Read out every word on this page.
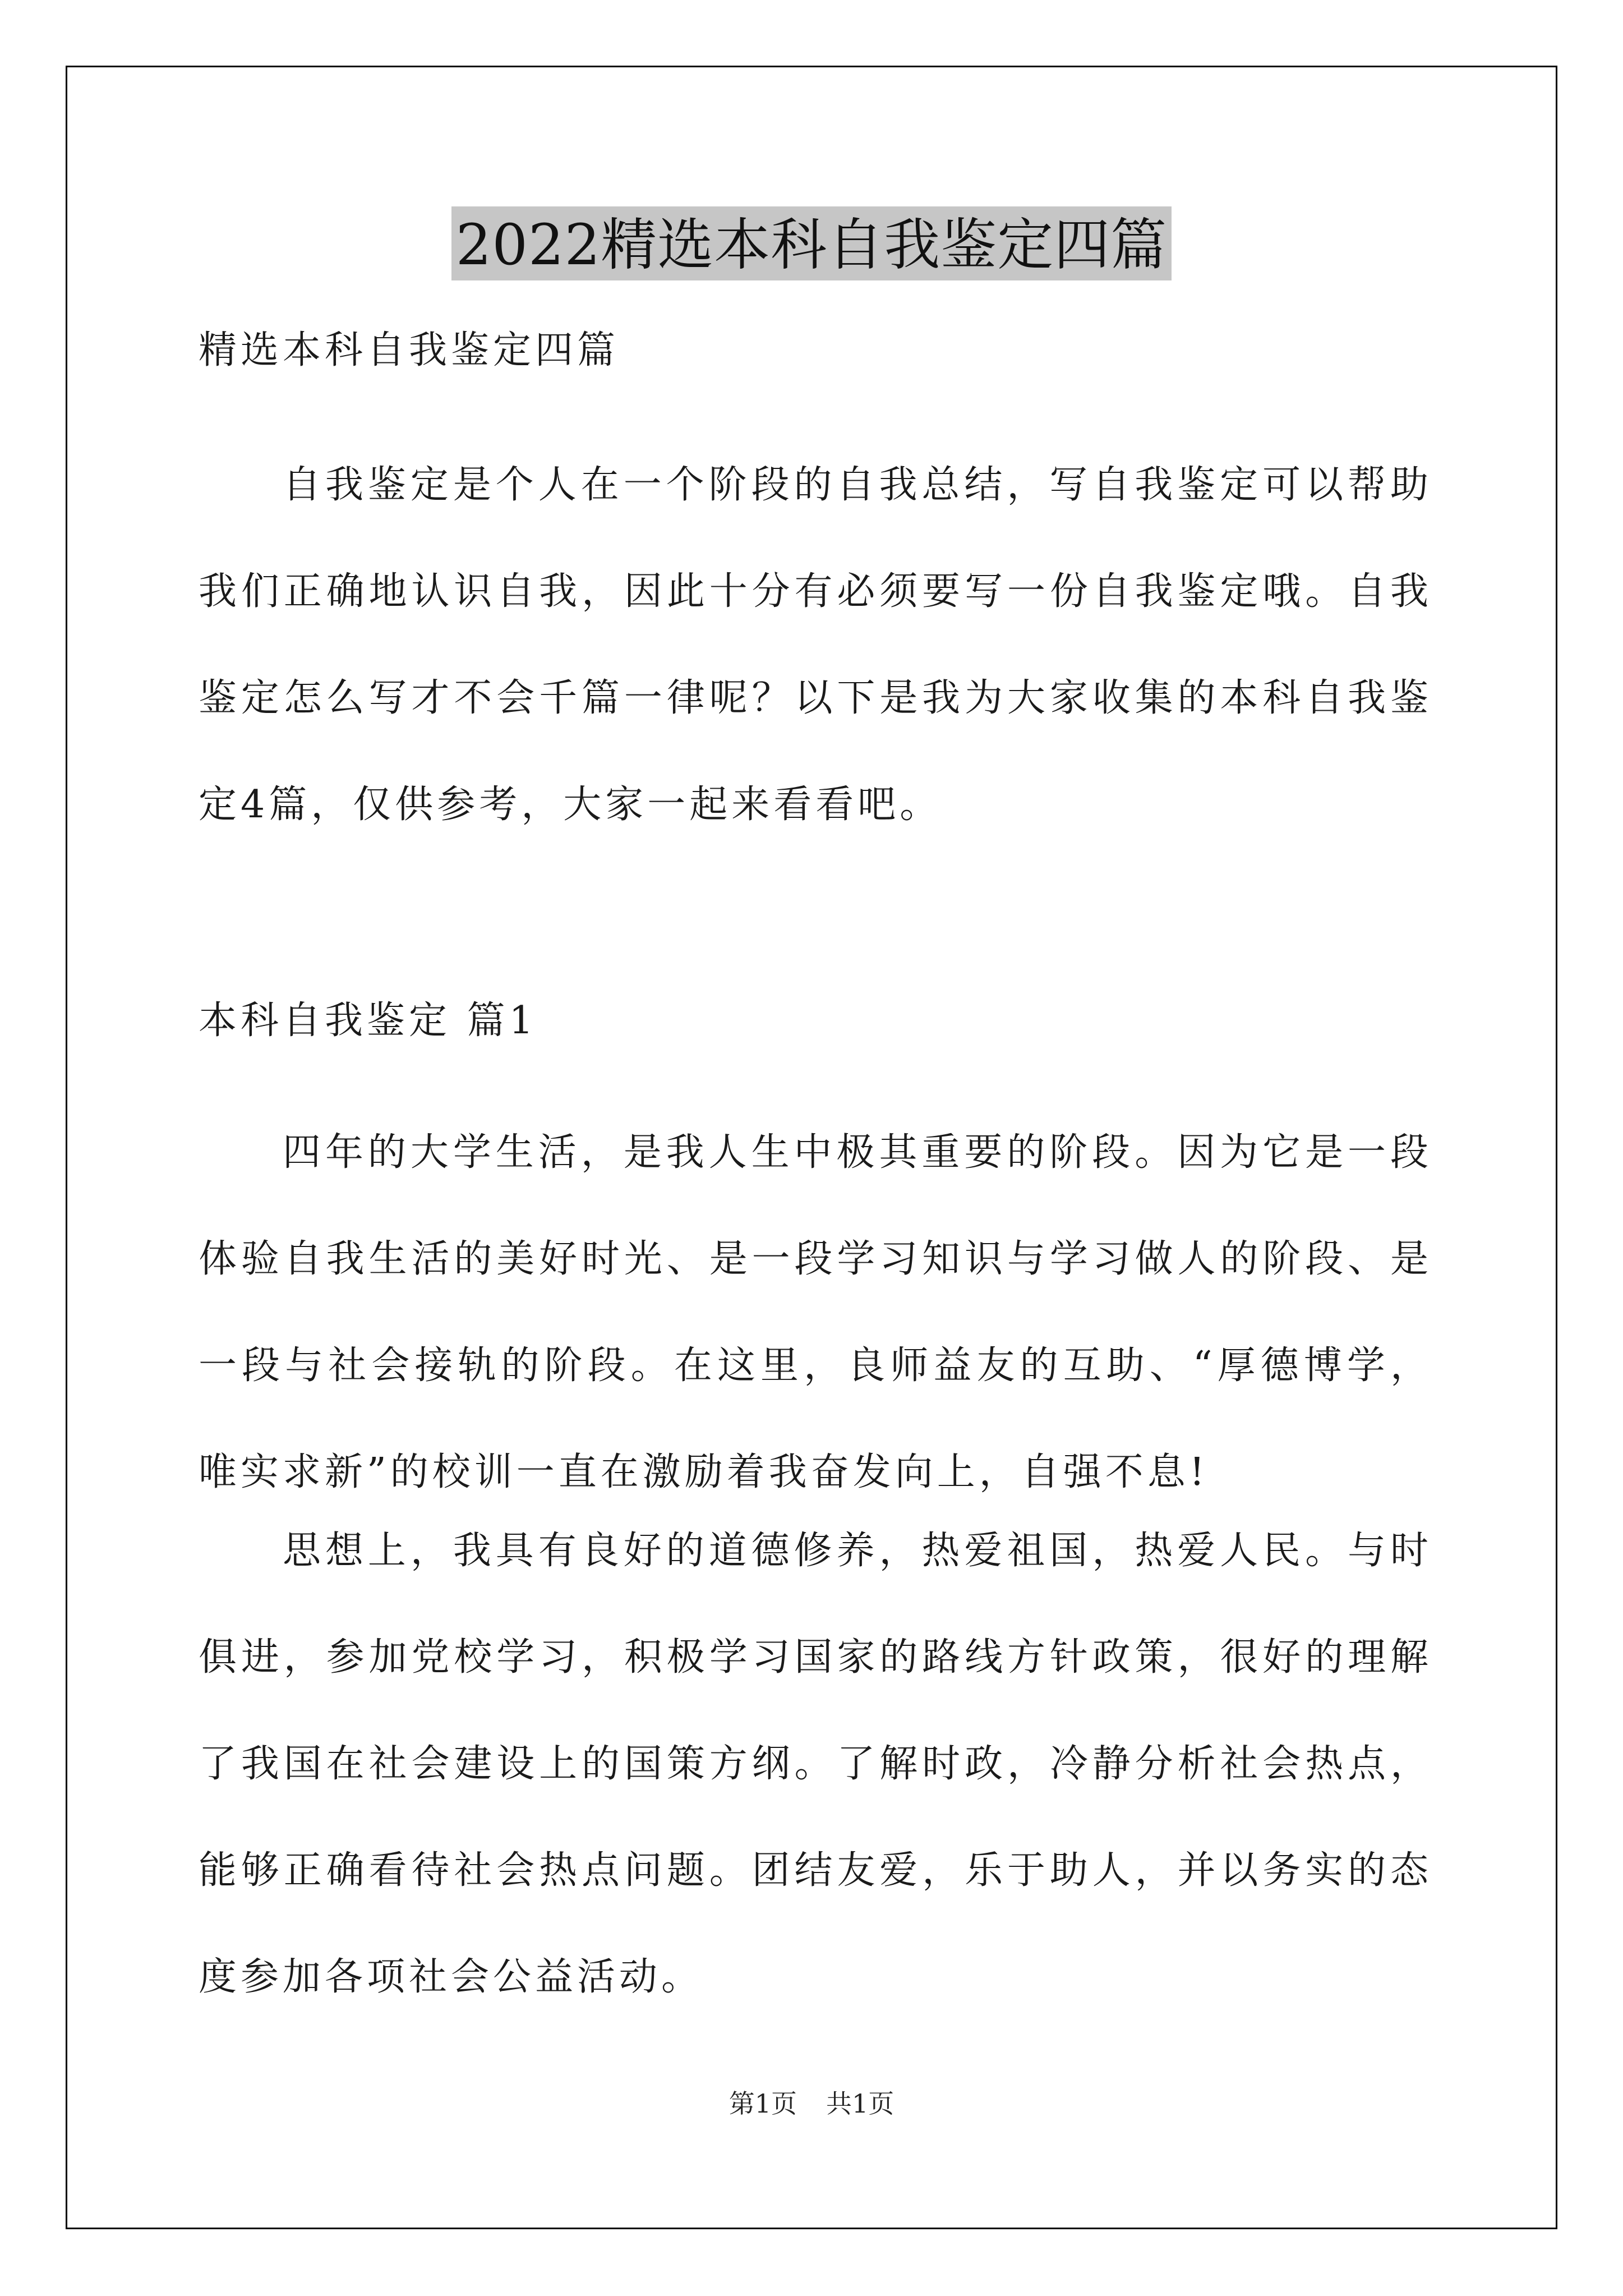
2022精选本科自我鉴定四篇

精选本科自我鉴定四篇

自我鉴定是个人在一个阶段的自我总结，写自我鉴定可以帮助我们正确地认识自我，因此十分有必须要写一份自我鉴定哦。自我鉴定怎么写才不会千篇一律呢？以下是我为大家收集的本科自我鉴定4篇，仅供参考，大家一起来看看吧。

本科自我鉴定 篇1

四年的大学生活，是我人生中极其重要的阶段。因为它是一段体验自我生活的美好时光、是一段学习知识与学习做人的阶段、是一段与社会接轨的阶段。在这里，良师益友的互助、“厚德博学，唯实求新”的校训一直在激励着我奋发向上，自强不息!

思想上，我具有良好的道德修养，热爱祖国，热爱人民。与时俱进，参加党校学习，积极学习国家的路线方针政策，很好的理解了我国在社会建设上的国策方纲。了解时政，冷静分析社会热点，能够正确看待社会热点问题。团结友爱，乐于助人，并以务实的态度参加各项社会公益活动。

第1页 共1页
